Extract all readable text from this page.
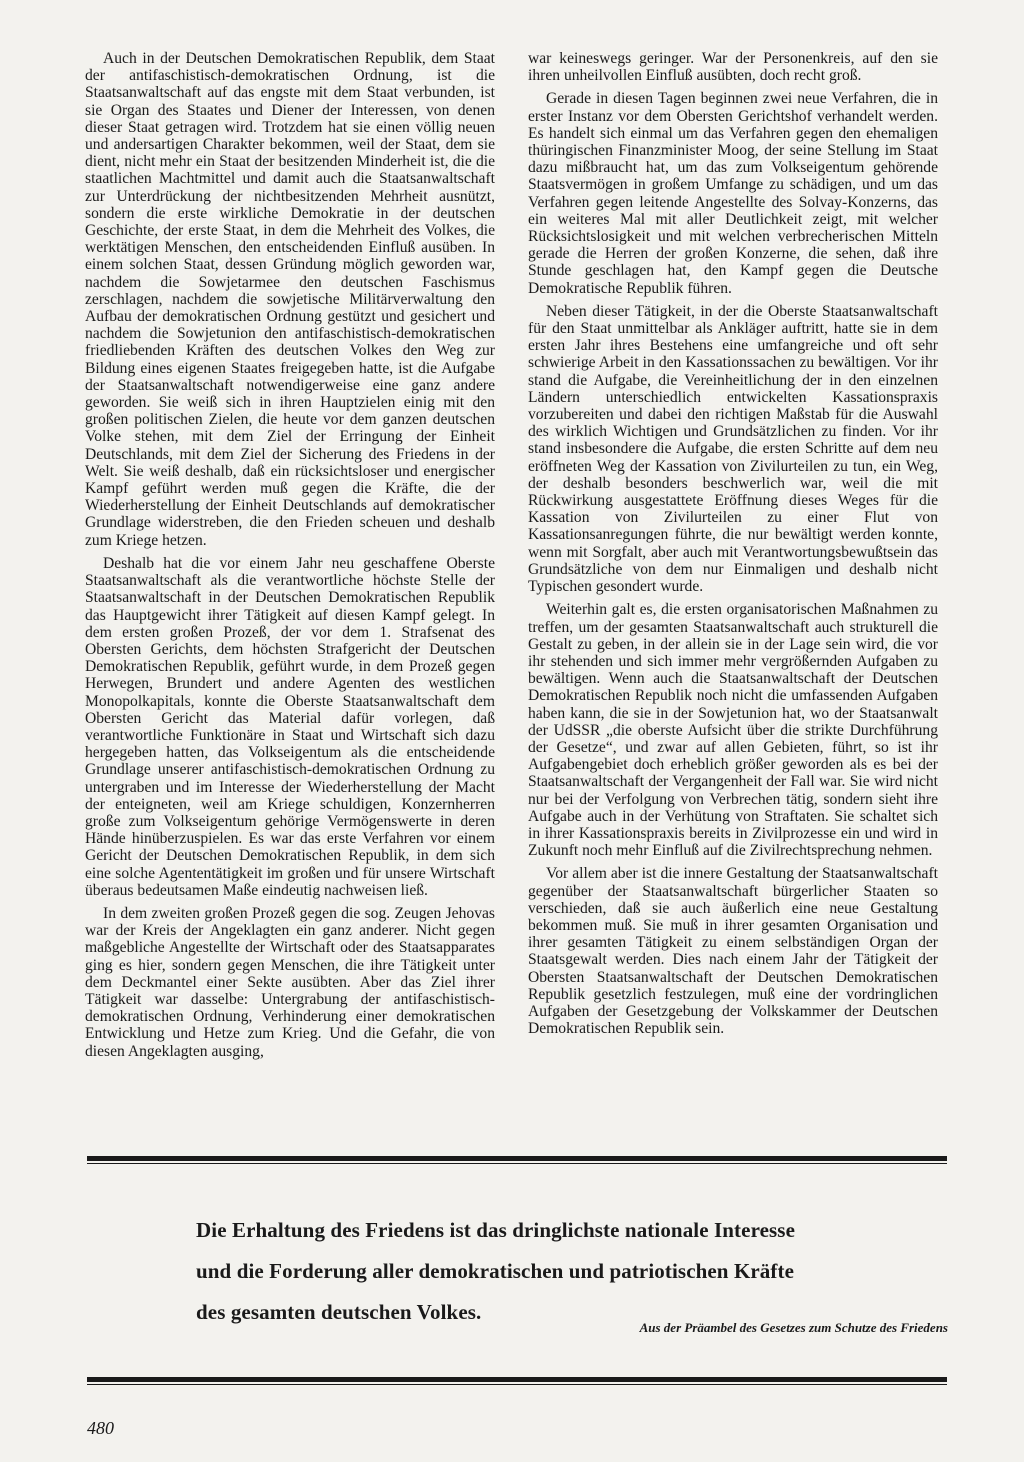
Auch in der Deutschen Demokratischen Republik, dem Staat der antifaschistisch-demokratischen Ordnung, ist die Staatsanwaltschaft auf das engste mit dem Staat verbunden, ist sie Organ des Staates und Diener der Interessen, von denen dieser Staat getragen wird. Trotzdem hat sie einen völlig neuen und andersartigen Charakter bekommen, weil der Staat, dem sie dient, nicht mehr ein Staat der besitzenden Minderheit ist, die die staatlichen Machtmittel und damit auch die Staatsanwaltschaft zur Unterdrückung der nichtbesitzenden Mehrheit ausnützt, sondern die erste wirkliche Demokratie in der deutschen Geschichte, der erste Staat, in dem die Mehrheit des Volkes, die werktätigen Menschen, den entscheidenden Einfluß ausüben. In einem solchen Staat, dessen Gründung möglich geworden war, nachdem die Sowjetarmee den deutschen Faschismus zerschlagen, nachdem die sowjetische Militärverwaltung den Aufbau der demokratischen Ordnung gestützt und gesichert und nachdem die Sowjetunion den antifaschistisch-demokratischen friedliebenden Kräften des deutschen Volkes den Weg zur Bildung eines eigenen Staates freigegeben hatte, ist die Aufgabe der Staatsanwaltschaft notwendigerweise eine ganz andere geworden. Sie weiß sich in ihren Hauptzielen einig mit den großen politischen Zielen, die heute vor dem ganzen deutschen Volke stehen, mit dem Ziel der Erringung der Einheit Deutschlands, mit dem Ziel der Sicherung des Friedens in der Welt. Sie weiß deshalb, daß ein rücksichtsloser und energischer Kampf geführt werden muß gegen die Kräfte, die der Wiederherstellung der Einheit Deutschlands auf demokratischer Grundlage widerstreben, die den Frieden scheuen und deshalb zum Kriege hetzen.

Deshalb hat die vor einem Jahr neu geschaffene Oberste Staatsanwaltschaft als die verantwortliche höchste Stelle der Staatsanwaltschaft in der Deutschen Demokratischen Republik das Hauptgewicht ihrer Tätigkeit auf diesen Kampf gelegt. In dem ersten großen Prozeß, der vor dem 1. Strafsenat des Obersten Gerichts, dem höchsten Strafgericht der Deutschen Demokratischen Republik, geführt wurde, in dem Prozeß gegen Herwegen, Brundert und andere Agenten des westlichen Monopolkapitals, konnte die Oberste Staatsanwaltschaft dem Obersten Gericht das Material dafür vorlegen, daß verantwortliche Funktionäre in Staat und Wirtschaft sich dazu hergegeben hatten, das Volkseigentum als die entscheidende Grundlage unserer antifaschistisch-demokratischen Ordnung zu untergraben und im Interesse der Wiederherstellung der Macht der enteigneten, weil am Kriege schuldigen, Konzernherren große zum Volkseigentum gehörige Vermögenswerte in deren Hände hinüberzuspielen. Es war das erste Verfahren vor einem Gericht der Deutschen Demokratischen Republik, in dem sich eine solche Agententätigkeit im großen und für unsere Wirtschaft überaus bedeutsamen Maße eindeutig nachweisen ließ.

In dem zweiten großen Prozeß gegen die sog. Zeugen Jehovas war der Kreis der Angeklagten ein ganz anderer. Nicht gegen maßgebliche Angestellte der Wirtschaft oder des Staatsapparates ging es hier, sondern gegen Menschen, die ihre Tätigkeit unter dem Deckmantel einer Sekte ausübten. Aber das Ziel ihrer Tätigkeit war dasselbe: Untergrabung der antifaschistisch-demokratischen Ordnung, Verhinderung einer demokratischen Entwicklung und Hetze zum Krieg. Und die Gefahr, die von diesen Angeklagten ausging,

war keineswegs geringer. War der Personenkreis, auf den sie ihren unheilvollen Einfluß ausübten, doch recht groß.

Gerade in diesen Tagen beginnen zwei neue Verfahren, die in erster Instanz vor dem Obersten Gerichtshof verhandelt werden. Es handelt sich einmal um das Verfahren gegen den ehemaligen thüringischen Finanzminister Moog, der seine Stellung im Staat dazu mißbraucht hat, um das zum Volkseigentum gehörende Staatsvermögen in großem Umfange zu schädigen, und um das Verfahren gegen leitende Angestellte des Solvay-Konzerns, das ein weiteres Mal mit aller Deutlichkeit zeigt, mit welcher Rücksichtslosigkeit und mit welchen verbrecherischen Mitteln gerade die Herren der großen Konzerne, die sehen, daß ihre Stunde geschlagen hat, den Kampf gegen die Deutsche Demokratische Republik führen.

Neben dieser Tätigkeit, in der die Oberste Staatsanwaltschaft für den Staat unmittelbar als Ankläger auftritt, hatte sie in dem ersten Jahr ihres Bestehens eine umfangreiche und oft sehr schwierige Arbeit in den Kassationssachen zu bewältigen. Vor ihr stand die Aufgabe, die Vereinheitlichung der in den einzelnen Ländern unterschiedlich entwickelten Kassationspraxis vorzubereiten und dabei den richtigen Maßstab für die Auswahl des wirklich Wichtigen und Grundsätzlichen zu finden. Vor ihr stand insbesondere die Aufgabe, die ersten Schritte auf dem neu eröffneten Weg der Kassation von Zivilurteilen zu tun, ein Weg, der deshalb besonders beschwerlich war, weil die mit Rückwirkung ausgestattete Eröffnung dieses Weges für die Kassation von Zivilurteilen zu einer Flut von Kassationsanregungen führte, die nur bewältigt werden konnte, wenn mit Sorgfalt, aber auch mit Verantwortungsbewußtsein das Grundsätzliche von dem nur Einmaligen und deshalb nicht Typischen gesondert wurde.

Weiterhin galt es, die ersten organisatorischen Maßnahmen zu treffen, um der gesamten Staatsanwaltschaft auch strukturell die Gestalt zu geben, in der allein sie in der Lage sein wird, die vor ihr stehenden und sich immer mehr vergrößernden Aufgaben zu bewältigen. Wenn auch die Staatsanwaltschaft der Deutschen Demokratischen Republik noch nicht die umfassenden Aufgaben haben kann, die sie in der Sowjetunion hat, wo der Staatsanwalt der UdSSR „die oberste Aufsicht über die strikte Durchführung der Gesetze“, und zwar auf allen Gebieten, führt, so ist ihr Aufgabengebiet doch erheblich größer geworden als es bei der Staatsanwaltschaft der Vergangenheit der Fall war. Sie wird nicht nur bei der Verfolgung von Verbrechen tätig, sondern sieht ihre Aufgabe auch in der Verhütung von Straftaten. Sie schaltet sich in ihrer Kassationspraxis bereits in Zivilprozesse ein und wird in Zukunft noch mehr Einfluß auf die Zivilrechtsprechung nehmen.

Vor allem aber ist die innere Gestaltung der Staatsanwaltschaft gegenüber der Staatsanwaltschaft bürgerlicher Staaten so verschieden, daß sie auch äußerlich eine neue Gestaltung bekommen muß. Sie muß in ihrer gesamten Organisation und ihrer gesamten Tätigkeit zu einem selbständigen Organ der Staatsgewalt werden. Dies nach einem Jahr der Tätigkeit der Obersten Staatsanwaltschaft der Deutschen Demokratischen Republik gesetzlich festzulegen, muß eine der vordringlichen Aufgaben der Gesetzgebung der Volkskammer der Deutschen Demokratischen Republik sein.

Die Erhaltung des Friedens ist das dringlichste nationale Interesse
und die Forderung aller demokratischen und patriotischen Kräfte
des gesamten deutschen Volkes.
Aus der Präambel des Gesetzes zum Schutze des Friedens
480
